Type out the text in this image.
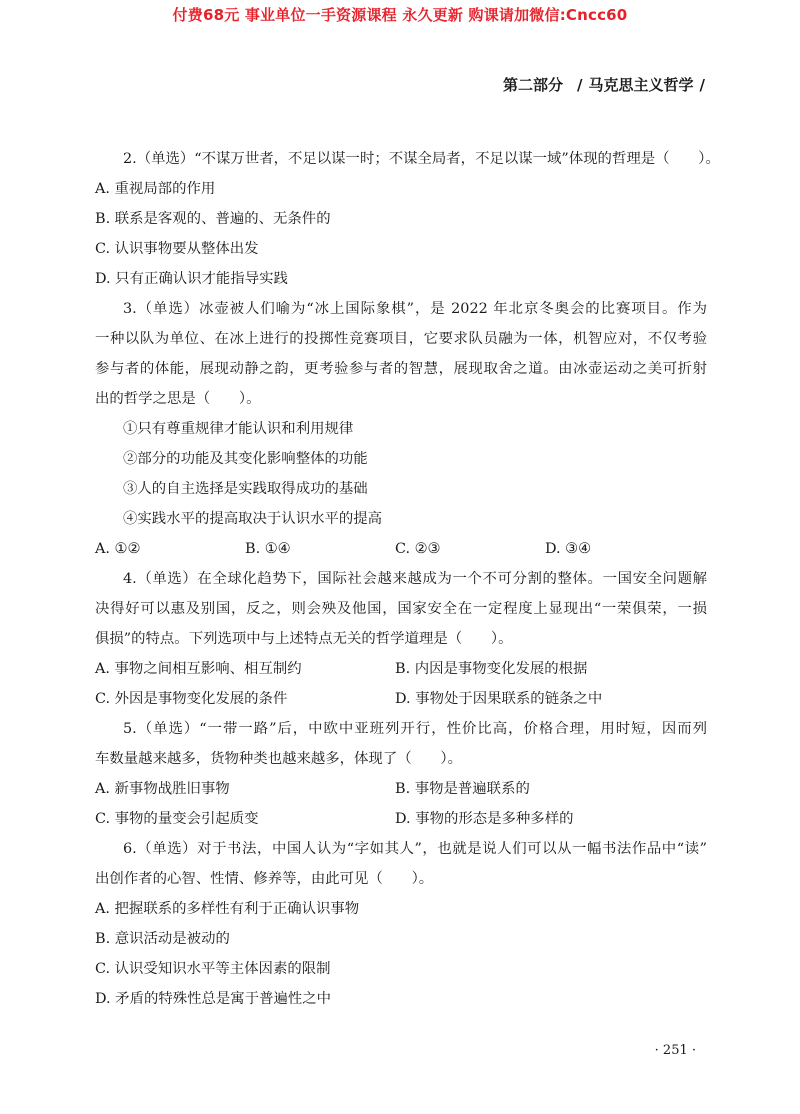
付费68元 事业单位一手资源课程 永久更新 购课请加微信:Cncc60
第二部分 / 马克思主义哲学 /
2.（单选）“不谋万世者，不足以谋一时；不谋全局者，不足以谋一域”体现的哲理是（　　）。
A. 重视局部的作用
B. 联系是客观的、普遍的、无条件的
C. 认识事物要从整体出发
D. 只有正确认识才能指导实践
3.（单选）冰壶被人们喻为“冰上国际象棋”，是 2022 年北京冬奥会的比赛项目。作为
一种以队为单位、在冰上进行的投掷性竞赛项目，它要求队员融为一体，机智应对，不仅考验
参与者的体能，展现动静之韵，更考验参与者的智慧，展现取舍之道。由冰壶运动之美可折射
出的哲学之思是（　　）。
①只有尊重规律才能认识和利用规律
②部分的功能及其变化影响整体的功能
③人的自主选择是实践取得成功的基础
④实践水平的提高取决于认识水平的提高
A. ①②	B. ①④	C. ②③	D. ③④
4.（单选）在全球化趋势下，国际社会越来越成为一个不可分割的整体。一国安全问题解
决得好可以惠及别国，反之，则会殃及他国，国家安全在一定程度上显现出“一荣俱荣，一损
俱损”的特点。下列选项中与上述特点无关的哲学道理是（　　）。
A. 事物之间相互影响、相互制约	B. 内因是事物变化发展的根据
C. 外因是事物变化发展的条件	D. 事物处于因果联系的链条之中
5.（单选）“一带一路”后，中欧中亚班列开行，性价比高，价格合理，用时短，因而列
车数量越来越多，货物种类也越来越多，体现了（　　）。
A. 新事物战胜旧事物	B. 事物是普遍联系的
C. 事物的量变会引起质变	D. 事物的形态是多种多样的
6.（单选）对于书法，中国人认为“字如其人”，也就是说人们可以从一幅书法作品中“读”
出创作者的心智、性情、修养等，由此可见（　　）。
A. 把握联系的多样性有利于正确认识事物
B. 意识活动是被动的
C. 认识受知识水平等主体因素的限制
D. 矛盾的特殊性总是寓于普遍性之中
· 251 ·
